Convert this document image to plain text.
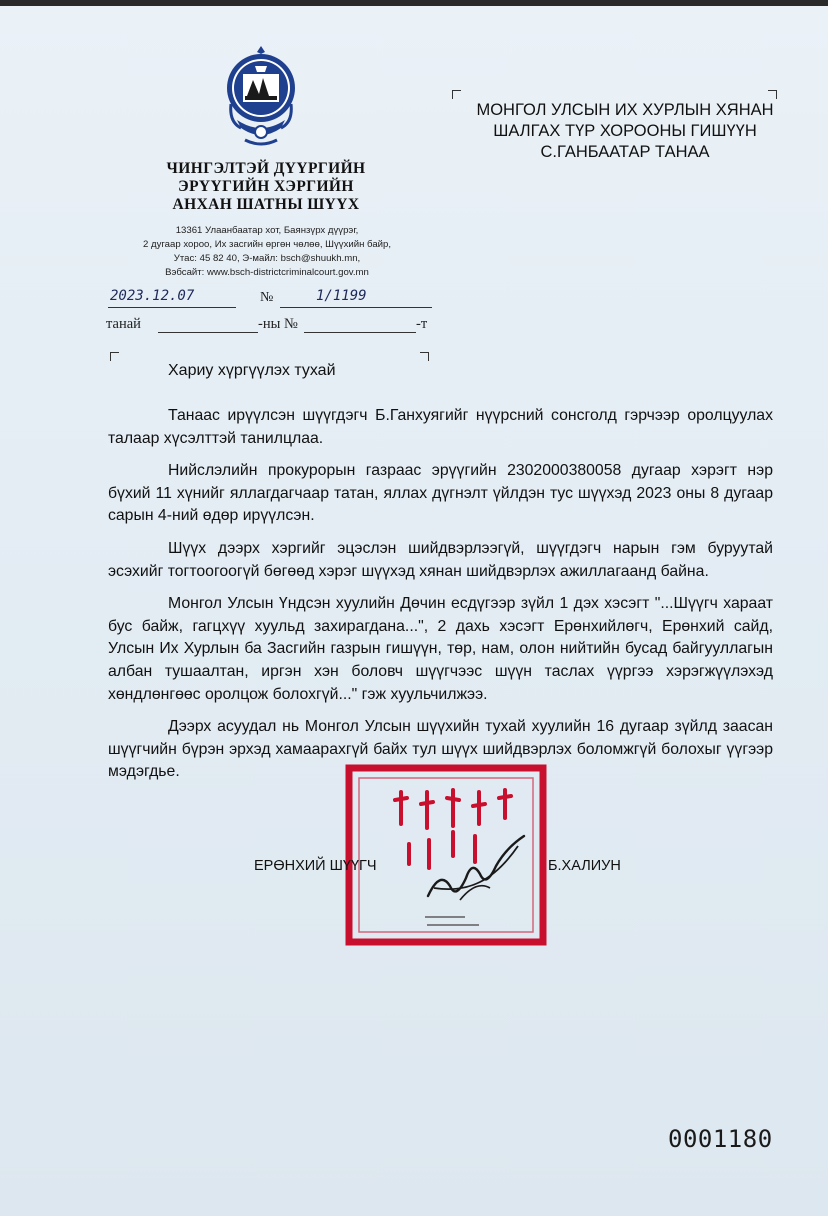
ЧИНГЭЛТЭЙ ДҮҮРГИЙН
ЭРҮҮГИЙН ХЭРГИЙН
АНХАН ШАТНЫ ШҮҮХ
13361 Улаанбаатар хот, Баянзүрх дүүрэг,
2 дугаар хороо, Их засгийн өргөн чөлөө, Шүүхийн байр,
Утас: 45 82 40, Э-майл: bsch@shuukh.mn,
Вэбсайт: www.bsch-districtcriminalcourt.gov.mn
2023.12.07	№	1/1199
танай	-ны №	-т
МОНГОЛ УЛСЫН ИХ ХУРЛЫН ХЯНАН
ШАЛГАХ ТҮР ХОРООНЫ ГИШҮҮН
С.ГАНБААТАР ТАНАА
Хариу хүргүүлэх тухай

Танаас ирүүлсэн шүүгдэгч Б.Ганхуягийг нүүрсний сонсголд гэрчээр оролцуулах талаар хүсэлттэй танилцлаа.

Нийслэлийн прокурорын газраас эрүүгийн 2302000380058 дугаар хэрэгт нэр бүхий 11 хүнийг яллагдагчаар татан, яллах дүгнэлт үйлдэн тус шүүхэд 2023 оны 8 дугаар сарын 4-ний өдөр ирүүлсэн.

Шүүх дээрх хэргийг эцэслэн шийдвэрлээгүй, шүүгдэгч нарын гэм буруутай эсэхийг тогтоогоогүй бөгөөд хэрэг шүүхэд хянан шийдвэрлэх ажиллагаанд байна.

Монгол Улсын Үндсэн хуулийн Дөчин есдүгээр зүйл 1 дэх хэсэгт "...Шүүгч хараат бус байж, гагцхүү хуульд захирагдана...", 2 дахь хэсэгт Ерөнхийлөгч, Ерөнхий сайд, Улсын Их Хурлын ба Засгийн газрын гишүүн, төр, нам, олон нийтийн бусад байгууллагын албан тушаалтан, иргэн хэн боловч шүүгчээс шүүн таслах үүргээ хэрэгжүүлэхэд хөндлөнгөөс оролцож болохгүй..." гэж хуульчилжээ.

Дээрх асуудал нь Монгол Улсын шүүхийн тухай хуулийн 16 дугаар зүйлд заасан шүүгчийн бүрэн эрхэд хамаарахгүй байх тул шүүх шийдвэрлэх боломжгүй болохыг үүгээр мэдэгдье.

ЕРӨНХИЙ ШҮҮГЧ	Б.ХАЛИУН
0001180
